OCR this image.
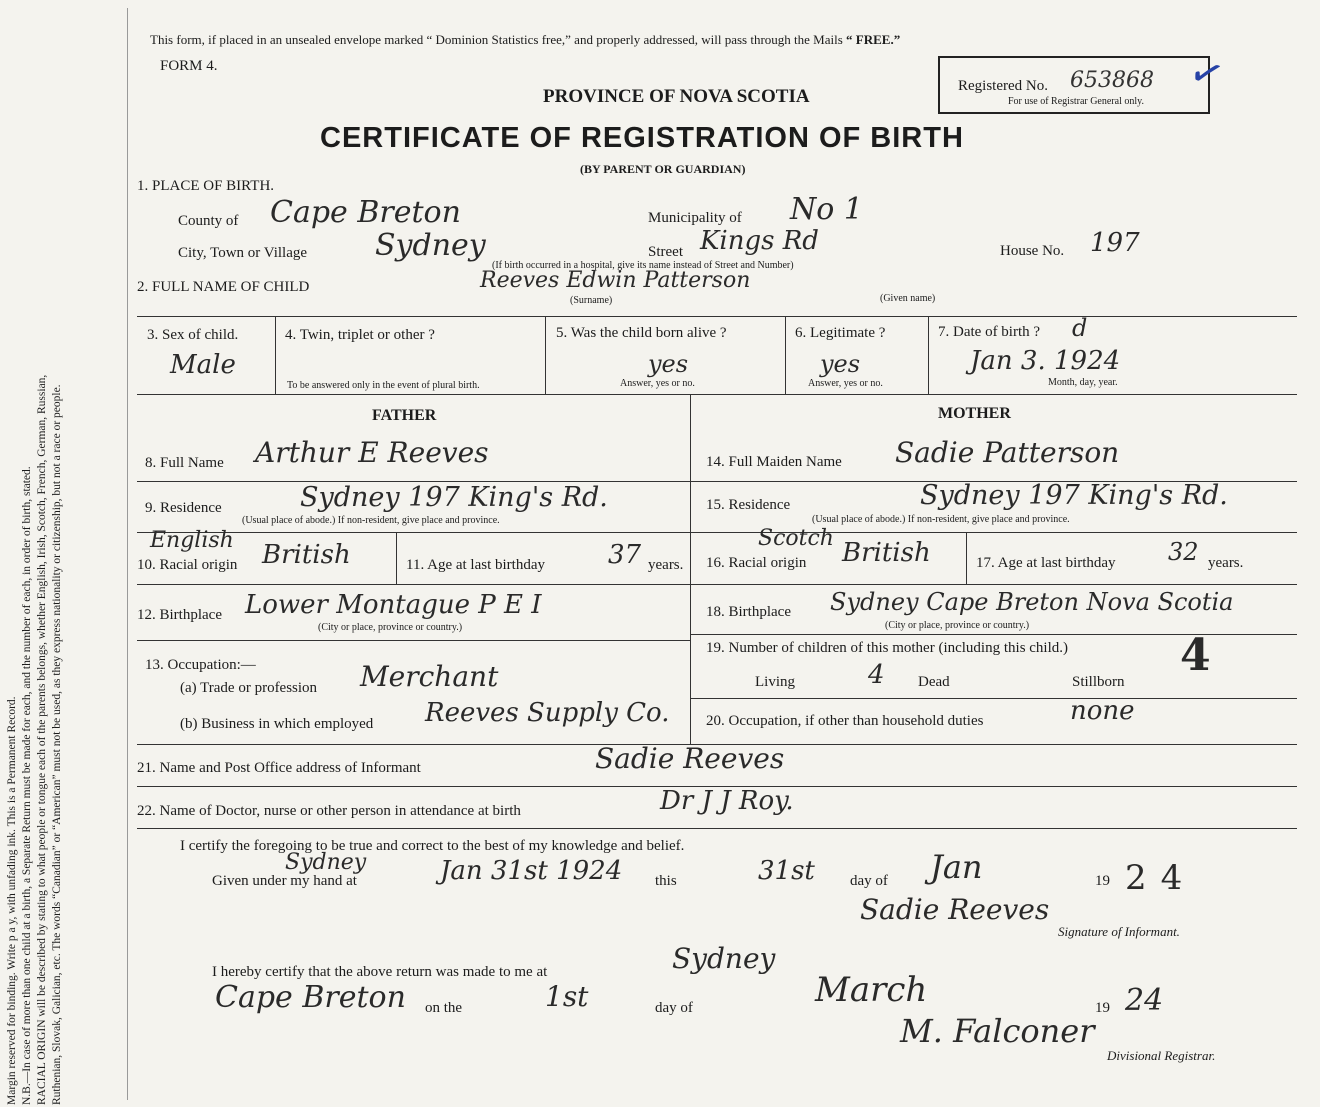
Margin reserved for binding. Write p a y, with unfading ink. This is a Permanent Record. N.B.—In case of more than one child at a birth, a Separate Return must be made for each, and the number of each, in order of birth, stated. RACIAL ORIGIN will be described by stating to what people or tongue each of the parents belongs, whether English, Irish, Scotch, French, German, Russian, Ruthenian, Slovak, Galician, etc. The words “Canadian” or “American” must not be used, as they express nationality or citizenship, but not a race or people.
This form, if placed in an unsealed envelope marked “ Dominion Statistics free,” and properly addressed, will pass through the Mails “ FREE.”
FORM 4.
Registered No. 653868
For use of Registrar General only.
✓
PROVINCE OF NOVA SCOTIA
CERTIFICATE OF REGISTRATION OF BIRTH
(BY PARENT OR GUARDIAN)
1. PLACE OF BIRTH.
County of Cape Breton	Municipality of No 1
City, Town or Village Sydney	Street Kings Rd	House No. 197
(If birth occurred in a hospital, give its name instead of Street and Number)
2. FULL NAME OF CHILD	Reeves Edwin Patterson
(Surname)	(Given name)
3. Sex of child.
Male
4. Twin, triplet or other ?
To be answered only in the event of plural birth.
5. Was the child born alive ?
yes
Answer, yes or no.
6. Legitimate ?
yes
Answer, yes or no.
7. Date of birth ? d
Jan 3. 1924
Month, day, year.
FATHER	MOTHER
8. Full Name Arthur E Reeves
9. Residence	Sydney 197 King's Rd.
(Usual place of abode.) If non-resident, give place and province.
English
10. Racial origin British	11. Age at last birthday 37 years.
12. Birthplace Lower Montague P E I
(City or place, province or country.)
13. Occupation:—
(a) Trade or profession Merchant
(b) Business in which employed Reeves Supply Co.
14. Full Maiden Name Sadie Patterson
15. Residence	Sydney 197 King's Rd.
(Usual place of abode.) If non-resident, give place and province.
Scotch
16. Racial origin British	17. Age at last birthday 32 years.
18. Birthplace Sydney Cape Breton Nova Scotia
(City or place, province or country.)
19. Number of children of this mother (including this child.)	4
Living	4 Dead	Stillborn
20. Occupation, if other than household duties	none
21. Name and Post Office address of Informant	Sadie Reeves
22. Name of Doctor, nurse or other person in attendance at birth	Dr J J Roy.
I certify the foregoing to be true and correct to the best of my knowledge and belief.
Sydney
Given under my hand at	Jan 31st 1924 this	31st day of Jan	19 24
Sadie Reeves
Signature of Informant.
Sydney
I hereby certify that the above return was made to me at
Cape Breton on the	1st	day of	March	19 24
M. Falconer
Divisional Registrar.
